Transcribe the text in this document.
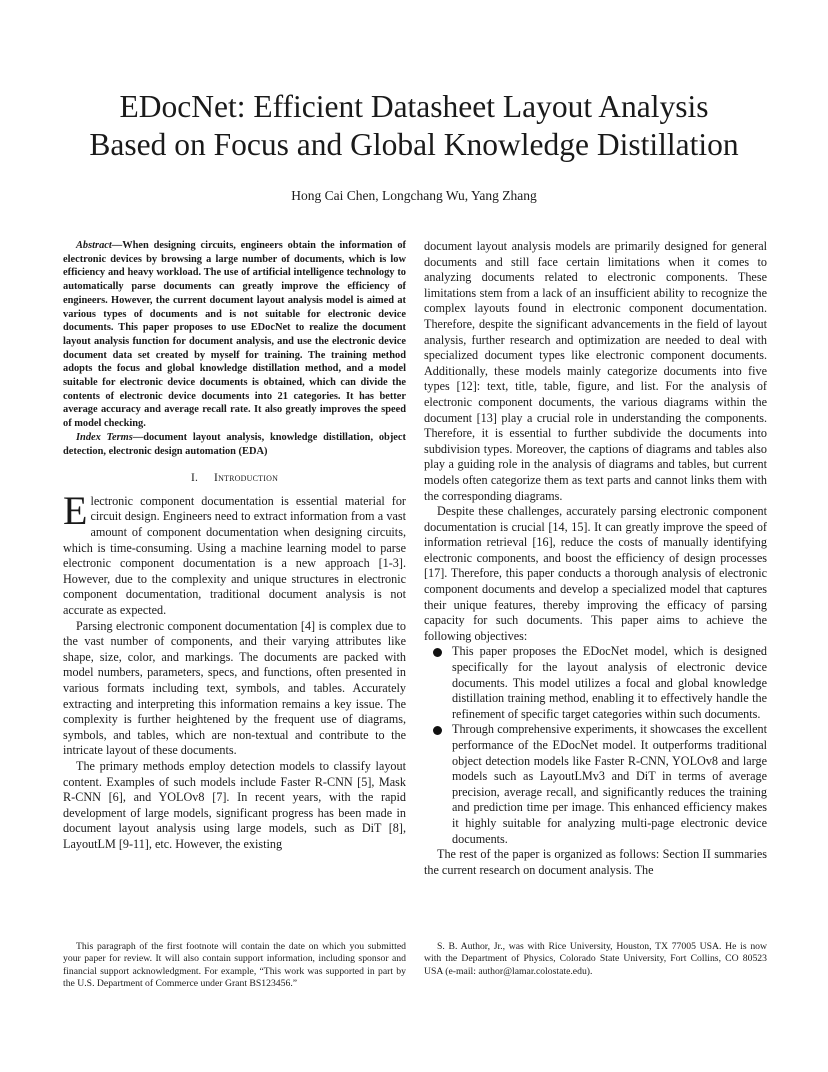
EDocNet: Efficient Datasheet Layout Analysis
Based on Focus and Global Knowledge Distillation
Hong Cai Chen, Longchang Wu, Yang Zhang

Abstract—When designing circuits, engineers obtain the information of electronic devices by browsing a large number of documents, which is low efficiency and heavy workload. The use of artificial intelligence technology to automatically parse documents can greatly improve the efficiency of engineers. However, the current document layout analysis model is aimed at various types of documents and is not suitable for electronic device documents. This paper proposes to use EDocNet to realize the document layout analysis function for document analysis, and use the electronic device document data set created by myself for training. The training method adopts the focus and global knowledge distillation method, and a model suitable for electronic device documents is obtained, which can divide the contents of electronic device documents into 21 categories. It has better average accuracy and average recall rate. It also greatly improves the speed of model checking.

Index Terms—document layout analysis, knowledge distillation, object detection, electronic design automation (EDA)

I. Introduction

Electronic component documentation is essential material for circuit design. Engineers need to extract information from a vast amount of component documentation when designing circuits, which is time-consuming. Using a machine learning model to parse electronic component documentation is a new approach [1-3]. However, due to the complexity and unique structures in electronic component documentation, traditional document analysis is not accurate as expected.

Parsing electronic component documentation [4] is complex due to the vast number of components, and their varying attributes like shape, size, color, and markings. The documents are packed with model numbers, parameters, specs, and functions, often presented in various formats including text, symbols, and tables. Accurately extracting and interpreting this information remains a key issue. The complexity is further heightened by the frequent use of diagrams, symbols, and tables, which are non-textual and contribute to the intricate layout of these documents.

The primary methods employ detection models to classify layout content. Examples of such models include Faster R-CNN [5], Mask R-CNN [6], and YOLOv8 [7]. In recent years, with the rapid development of large models, significant progress has been made in document layout analysis using large models, such as DiT [8], LayoutLM [9-11], etc. However, the existing

document layout analysis models are primarily designed for general documents and still face certain limitations when it comes to analyzing documents related to electronic components. These limitations stem from a lack of an insufficient ability to recognize the complex layouts found in electronic component documentation. Therefore, despite the significant advancements in the field of layout analysis, further research and optimization are needed to deal with specialized document types like electronic component documents. Additionally, these models mainly categorize documents into five types [12]: text, title, table, figure, and list. For the analysis of electronic component documents, the various diagrams within the document [13] play a crucial role in understanding the components. Therefore, it is essential to further subdivide the documents into subdivision types. Moreover, the captions of diagrams and tables also play a guiding role in the analysis of diagrams and tables, but current models often categorize them as text parts and cannot links them with the corresponding diagrams.

Despite these challenges, accurately parsing electronic component documentation is crucial [14, 15]. It can greatly improve the speed of information retrieval [16], reduce the costs of manually identifying electronic components, and boost the efficiency of design processes [17]. Therefore, this paper conducts a thorough analysis of electronic component documents and develop a specialized model that captures their unique features, thereby improving the efficacy of parsing capacity for such documents. This paper aims to achieve the following objectives:

This paper proposes the EDocNet model, which is designed specifically for the layout analysis of electronic device documents. This model utilizes a focal and global knowledge distillation training method, enabling it to effectively handle the refinement of specific target categories within such documents.
Through comprehensive experiments, it showcases the excellent performance of the EDocNet model. It outperforms traditional object detection models like Faster R-CNN, YOLOv8 and large models such as LayoutLMv3 and DiT in terms of average precision, average recall, and significantly reduces the training and prediction time per image. This enhanced efficiency makes it highly suitable for analyzing multi-page electronic device documents.

The rest of the paper is organized as follows: Section II summaries the current research on document analysis. The

This paragraph of the first footnote will contain the date on which you submitted your paper for review. It will also contain support information, including sponsor and financial support acknowledgment. For example, “This work was supported in part by the U.S. Department of Commerce under Grant BS123456.”
S. B. Author, Jr., was with Rice University, Houston, TX 77005 USA. He is now with the Department of Physics, Colorado State University, Fort Collins, CO 80523 USA (e-mail: author@lamar.colostate.edu).
